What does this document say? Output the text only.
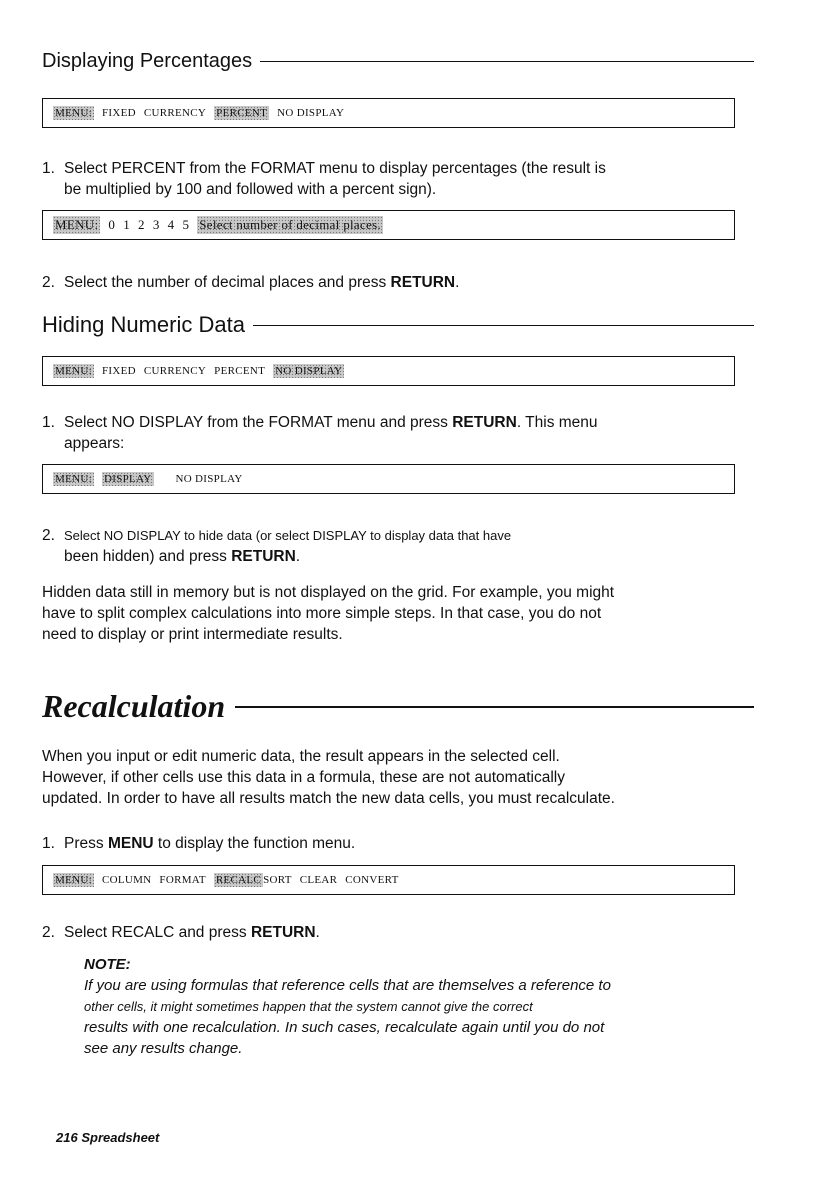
Displaying Percentages
MENU: FIXED CURRENCY PERCENT NO DISPLAY

1. Select PERCENT from the FORMAT menu to display percentages (the result is
be multiplied by 100 and followed with a percent sign).

MENU: 0 1 2 3 4 5 Select number of decimal places.

2. Select the number of decimal places and press RETURN.

Hiding Numeric Data
MENU: FIXED CURRENCY PERCENT NO DISPLAY

1. Select NO DISPLAY from the FORMAT menu and press RETURN. This menu
appears:

MENU: DISPLAY NO DISPLAY

2. Select NO DISPLAY to hide data (or select DISPLAY to display data that have
been hidden) and press RETURN.

Hidden data still in memory but is not displayed on the grid. For example, you might
have to split complex calculations into more simple steps. In that case, you do not
need to display or print intermediate results.

Recalculation

When you input or edit numeric data, the result appears in the selected cell.
However, if other cells use this data in a formula, these are not automatically
updated. In order to have all results match the new data cells, you must recalculate.

1. Press MENU to display the function menu.

MENU: COLUMN FORMAT RECALC SORT CLEAR CONVERT

2. Select RECALC and press RETURN.

NOTE:
If you are using formulas that reference cells that are themselves a reference to
other cells, it might sometimes happen that the system cannot give the correct
results with one recalculation. In such cases, recalculate again until you do not
see any results change.
216 Spreadsheet
